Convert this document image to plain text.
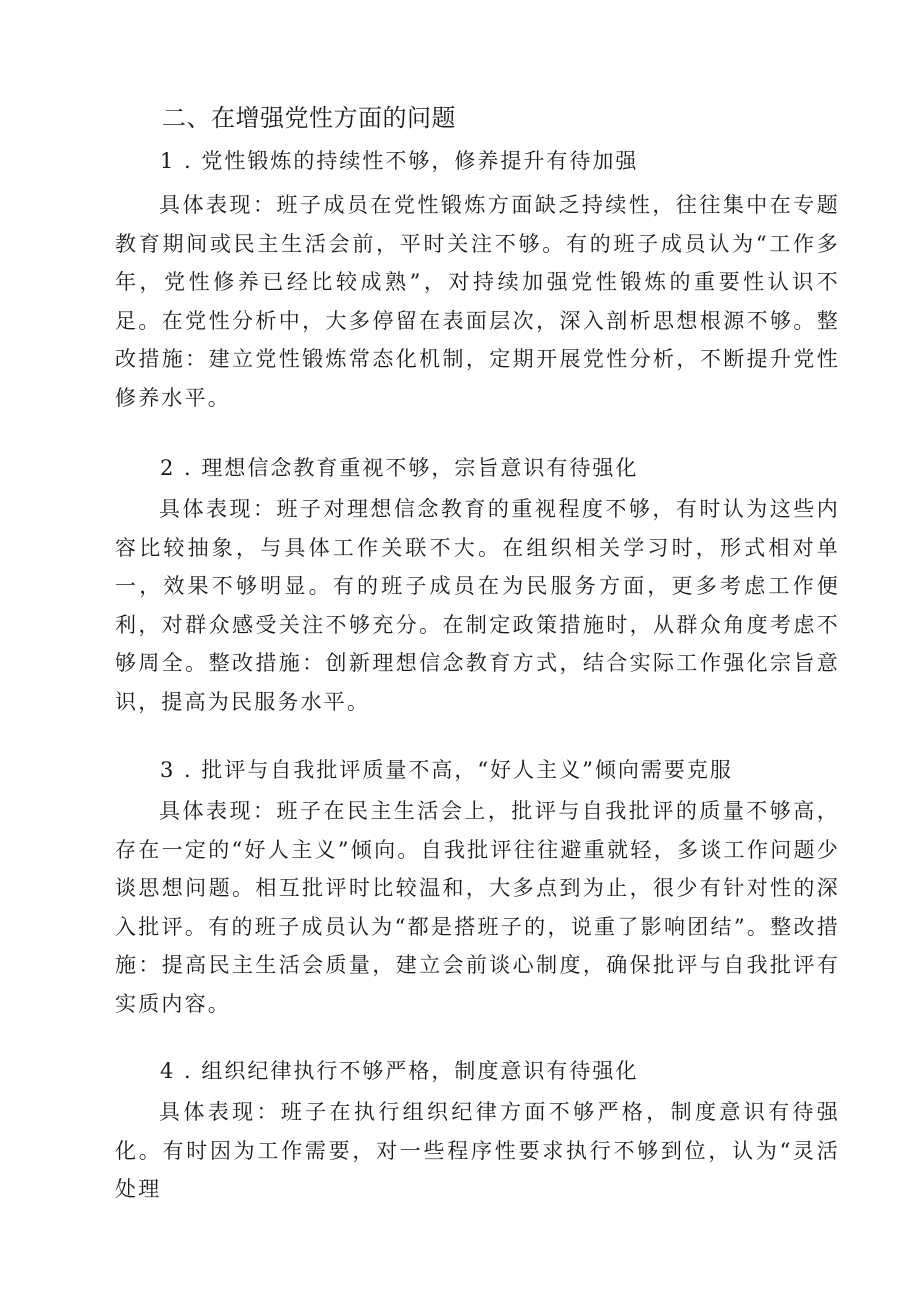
二、在增强党性方面的问题
1 . 党性锻炼的持续性不够，修养提升有待加强

具体表现：班子成员在党性锻炼方面缺乏持续性，往往集中在专题教育期间或民主生活会前，平时关注不够。有的班子成员认为“工作多年，党性修养已经比较成熟”，对持续加强党性锻炼的重要性认识不足。在党性分析中，大多停留在表面层次，深入剖析思想根源不够。整改措施：建立党性锻炼常态化机制，定期开展党性分析，不断提升党性修养水平。

2 . 理想信念教育重视不够，宗旨意识有待强化

具体表现：班子对理想信念教育的重视程度不够，有时认为这些内容比较抽象，与具体工作关联不大。在组织相关学习时，形式相对单一，效果不够明显。有的班子成员在为民服务方面，更多考虑工作便利，对群众感受关注不够充分。在制定政策措施时，从群众角度考虑不够周全。整改措施：创新理想信念教育方式，结合实际工作强化宗旨意识，提高为民服务水平。

3 . 批评与自我批评质量不高，“好人主义”倾向需要克服

具体表现：班子在民主生活会上，批评与自我批评的质量不够高，存在一定的“好人主义”倾向。自我批评往往避重就轻，多谈工作问题少谈思想问题。相互批评时比较温和，大多点到为止，很少有针对性的深入批评。有的班子成员认为“都是搭班子的，说重了影响团结”。整改措施：提高民主生活会质量，建立会前谈心制度，确保批评与自我批评有实质内容。

4 . 组织纪律执行不够严格，制度意识有待强化

具体表现：班子在执行组织纪律方面不够严格，制度意识有待强化。有时因为工作需要，对一些程序性要求执行不够到位，认为“灵活处理
